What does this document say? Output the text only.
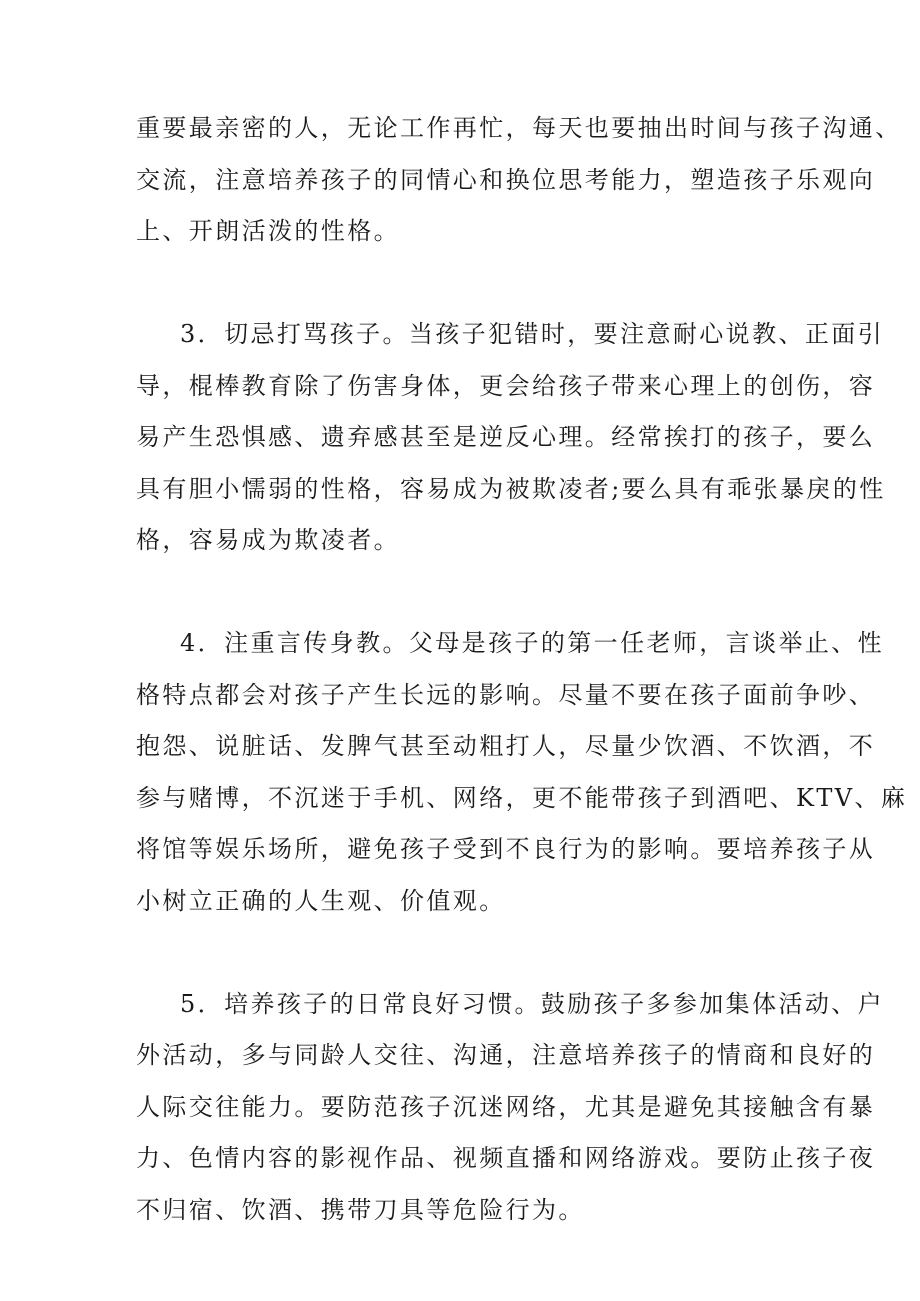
重要最亲密的人，无论工作再忙，每天也要抽出时间与孩子沟通、
交流，注意培养孩子的同情心和换位思考能力，塑造孩子乐观向
上、开朗活泼的性格。
3．切忌打骂孩子。当孩子犯错时，要注意耐心说教、正面引
导，棍棒教育除了伤害身体，更会给孩子带来心理上的创伤，容
易产生恐惧感、遗弃感甚至是逆反心理。经常挨打的孩子，要么
具有胆小懦弱的性格，容易成为被欺凌者;要么具有乖张暴戾的性
格，容易成为欺凌者。
4．注重言传身教。父母是孩子的第一任老师，言谈举止、性
格特点都会对孩子产生长远的影响。尽量不要在孩子面前争吵、
抱怨、说脏话、发脾气甚至动粗打人，尽量少饮酒、不饮酒，不
参与赌博，不沉迷于手机、网络，更不能带孩子到酒吧、KTV、麻
将馆等娱乐场所，避免孩子受到不良行为的影响。要培养孩子从
小树立正确的人生观、价值观。
5．培养孩子的日常良好习惯。鼓励孩子多参加集体活动、户
外活动，多与同龄人交往、沟通，注意培养孩子的情商和良好的
人际交往能力。要防范孩子沉迷网络，尤其是避免其接触含有暴
力、色情内容的影视作品、视频直播和网络游戏。要防止孩子夜
不归宿、饮酒、携带刀具等危险行为。
